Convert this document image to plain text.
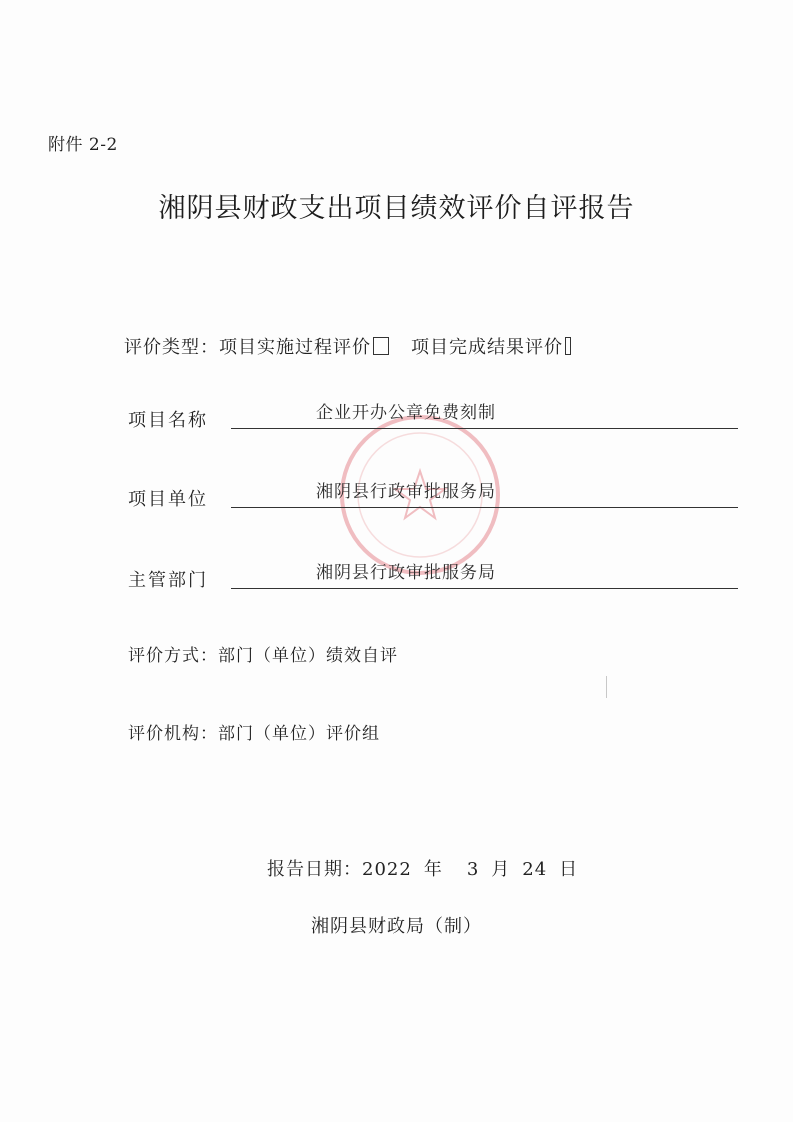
附件 2-2
湘阴县财政支出项目绩效评价自评报告
评价类型：项目实施过程评价 项目完成结果评价
项目名称	企业开办公章免费刻制
项目单位	湘阴县行政审批服务局
主管部门	湘阴县行政审批服务局
评价方式：部门（单位）绩效自评
评价机构：部门（单位）评价组
报告日期：2022 年 3 月 24 日
湘阴县财政局（制）
